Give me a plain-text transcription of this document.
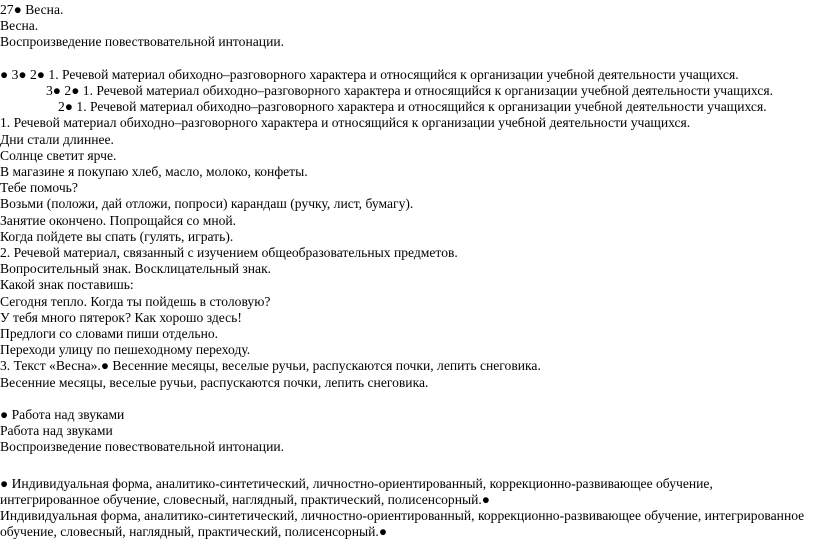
27● Весна.

Весна.

Воспроизведение повествовательной интонации.

● 3● 2● 1. Речевой материал обиходно–разговорного характера и относящийся к организации учебной деятельности учащихся.

3● 2● 1. Речевой материал обиходно–разговорного характера и относящийся к организации учебной деятельности учащихся.

2● 1. Речевой материал обиходно–разговорного характера и относящийся к организации учебной деятельности учащихся.

1. Речевой материал обиходно–разговорного характера и относящийся к организации учебной деятельности учащихся.

Дни стали длиннее.

Солнце светит ярче.

В магазине я покупаю хлеб, масло, молоко, конфеты.

Тебе помочь?

Возьми (положи, дай отложи, попроси) карандаш (ручку, лист, бумагу).

Занятие окончено. Попрощайся со мной.

Когда пойдете вы спать (гулять, играть).

2. Речевой материал, связанный с изучением общеобразовательных предметов.

Вопросительный знак. Восклицательный знак.

Какой знак поставишь:

Сегодня тепло. Когда ты пойдешь в столовую?

У тебя много пятерок? Как хорошо здесь!

Предлоги со словами пиши отдельно.

Переходи улицу по пешеходному переходу.

3. Текст «Весна».● Весенние месяцы, веселые ручьи, распускаются почки, лепить снеговика.

Весенние месяцы, веселые ручьи, распускаются почки, лепить снеговика.

● Работа над звуками

Работа над звуками

Воспроизведение повествовательной интонации.

● Индивидуальная форма, аналитико-синтетический, личностно-ориентированный, коррекционно-развивающее обучение, интегрированное обучение, словесный, наглядный, практический, полисенсорный.●

Индивидуальная форма, аналитико-синтетический, личностно-ориентированный, коррекционно-развивающее обучение, интегрированное обучение, словесный, наглядный, практический, полисенсорный.●
